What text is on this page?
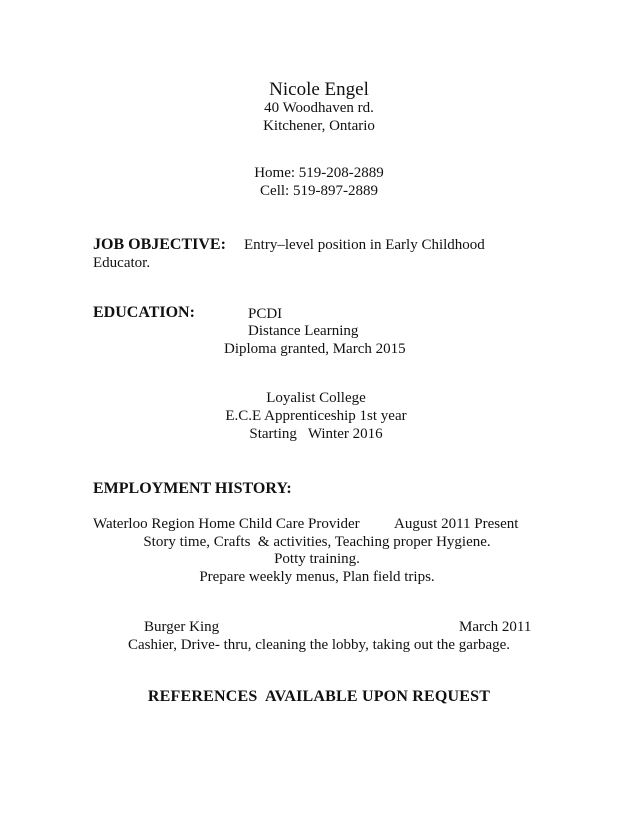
Nicole Engel
40 Woodhaven rd.
Kitchener, Ontario
Home: 519-208-2889
Cell: 519-897-2889
JOB OBJECTIVE: Entry–level position in Early Childhood
Educator.
EDUCATION:	PCDI
Distance Learning
Diploma granted, March 2015
Loyalist College
E.C.E Apprenticeship 1st year
Starting   Winter 2016
EMPLOYMENT HISTORY:
Waterloo Region Home Child Care Provider August 2011 Present
Story time, Crafts  & activities, Teaching proper Hygiene.
Potty training.
Prepare weekly menus, Plan field trips.
Burger King	March 2011
Cashier, Drive- thru, cleaning the lobby, taking out the garbage.
REFERENCES  AVAILABLE UPON REQUEST
